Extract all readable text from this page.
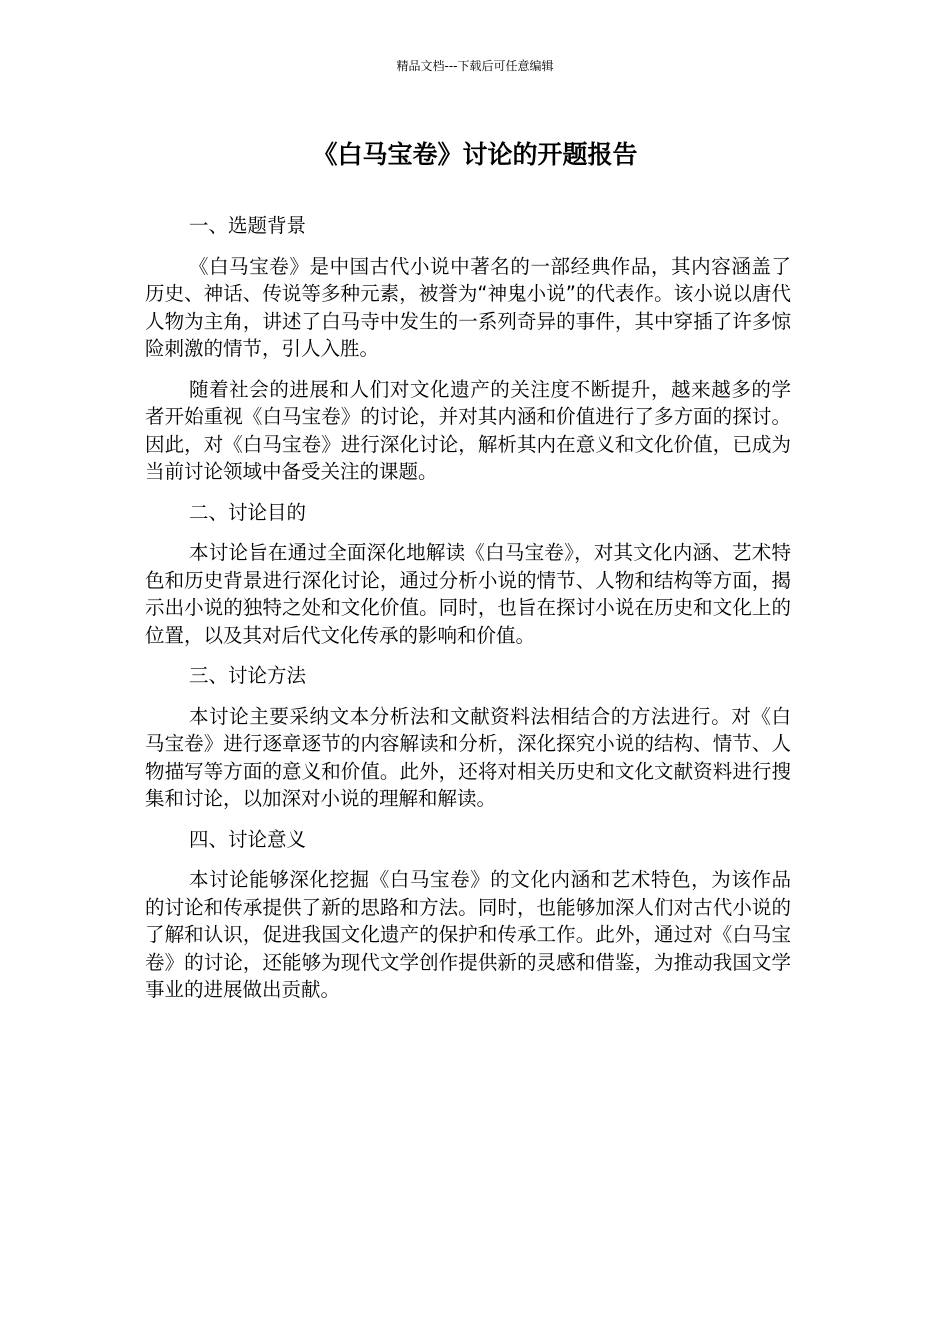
精品文档---下载后可任意编辑
《白马宝卷》讨论的开题报告
一、选题背景

《白马宝卷》是中国古代小说中著名的一部经典作品，其内容涵盖了历史、神话、传说等多种元素，被誉为“神鬼小说”的代表作。该小说以唐代人物为主角，讲述了白马寺中发生的一系列奇异的事件，其中穿插了许多惊险刺激的情节，引人入胜。

随着社会的进展和人们对文化遗产的关注度不断提升，越来越多的学者开始重视《白马宝卷》的讨论，并对其内涵和价值进行了多方面的探讨。因此，对《白马宝卷》进行深化讨论，解析其内在意义和文化价值，已成为当前讨论领域中备受关注的课题。

二、讨论目的

本讨论旨在通过全面深化地解读《白马宝卷》，对其文化内涵、艺术特色和历史背景进行深化讨论，通过分析小说的情节、人物和结构等方面，揭示出小说的独特之处和文化价值。同时，也旨在探讨小说在历史和文化上的位置，以及其对后代文化传承的影响和价值。

三、讨论方法

本讨论主要采纳文本分析法和文献资料法相结合的方法进行。对《白马宝卷》进行逐章逐节的内容解读和分析，深化探究小说的结构、情节、人物描写等方面的意义和价值。此外，还将对相关历史和文化文献资料进行搜集和讨论，以加深对小说的理解和解读。

四、讨论意义

本讨论能够深化挖掘《白马宝卷》的文化内涵和艺术特色，为该作品的讨论和传承提供了新的思路和方法。同时，也能够加深人们对古代小说的了解和认识，促进我国文化遗产的保护和传承工作。此外，通过对《白马宝卷》的讨论，还能够为现代文学创作提供新的灵感和借鉴，为推动我国文学事业的进展做出贡献。
